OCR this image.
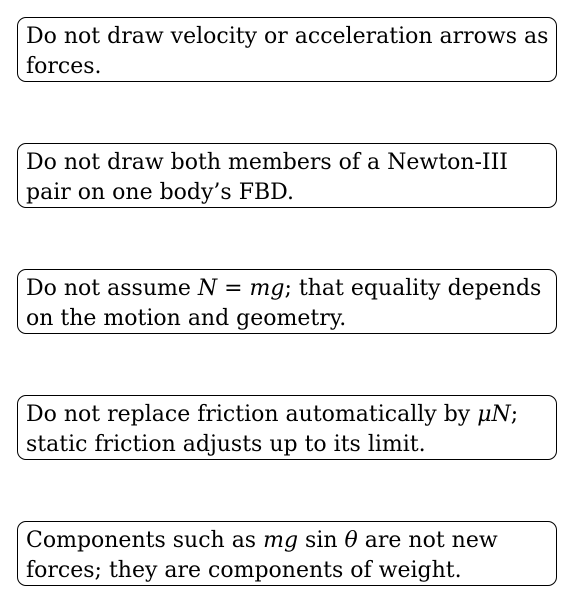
Do not draw velocity or acceleration arrows as
forces.
Do not draw both members of a Newton-III
pair on one body’s FBD.
Do not assume N = mg; that equality depends
on the motion and geometry.
Do not replace friction automatically by μN;
static friction adjusts up to its limit.
Components such as mg sin θ are not new
forces; they are components of weight.
